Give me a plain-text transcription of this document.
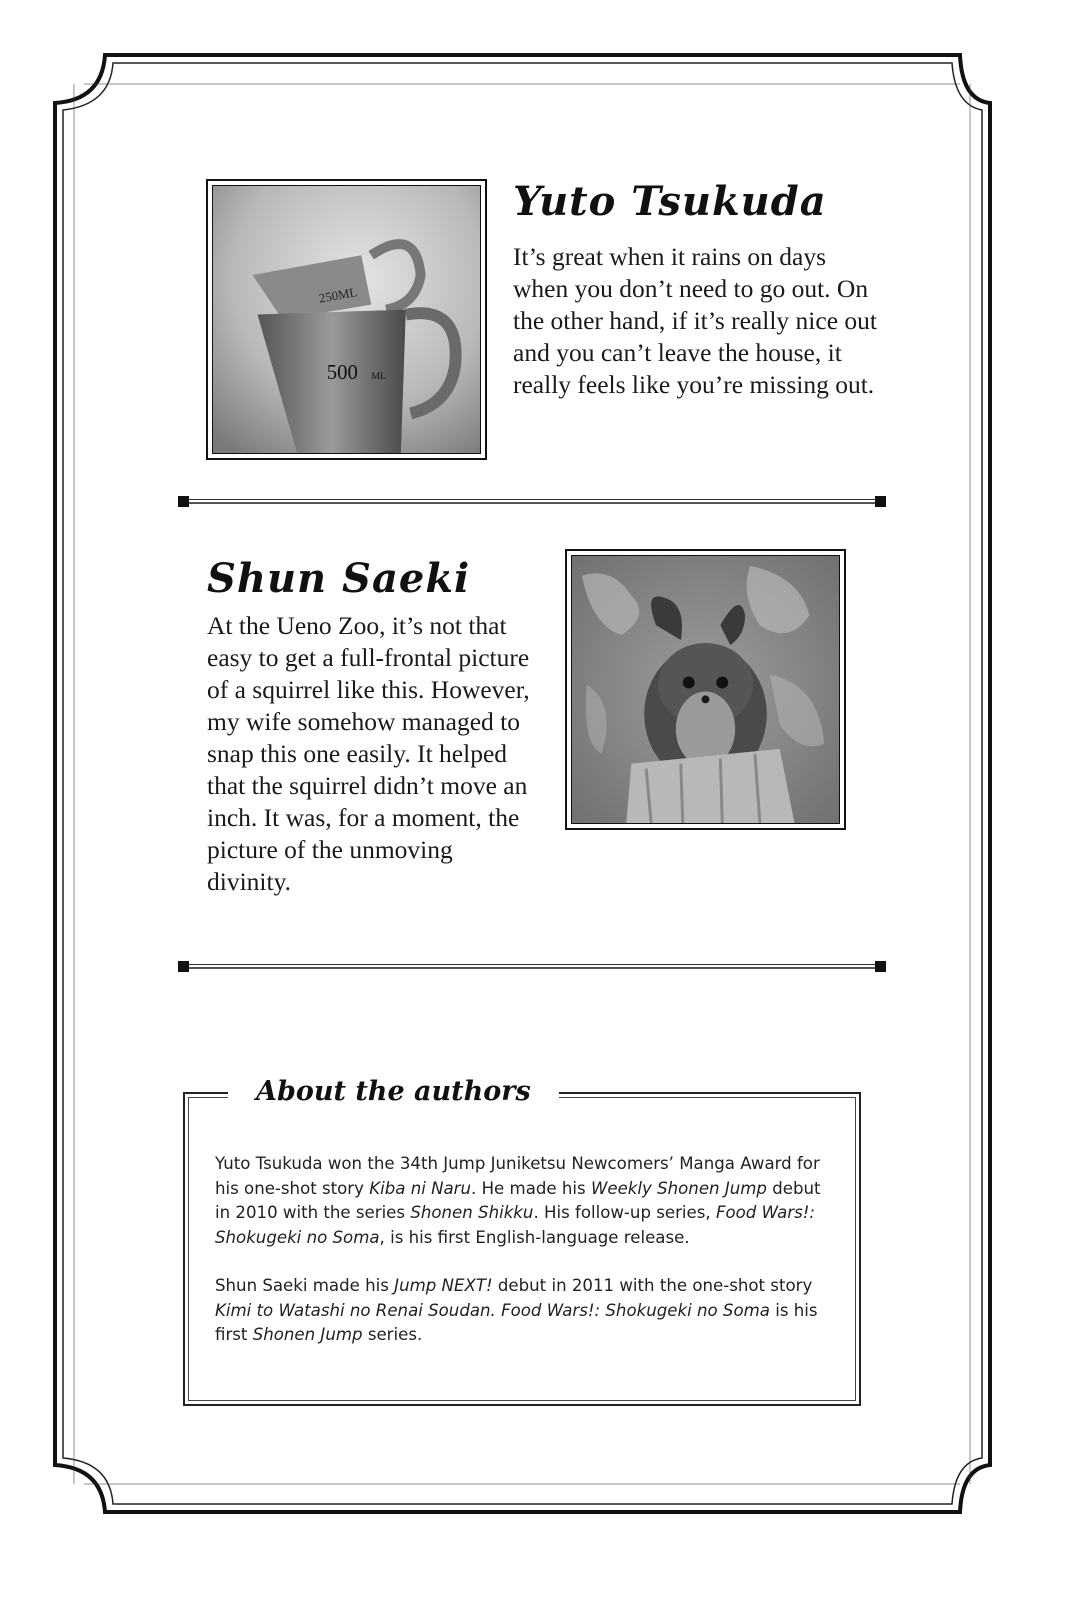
250ML
500 ML
Yuto Tsukuda

It’s great when it rains on days when you don’t need to go out. On the other hand, if it’s really nice out and you can’t leave the house, it really feels like you’re missing out.

Shun Saeki

At the Ueno Zoo, it’s not that easy to get a full-frontal picture of a squirrel like this. However, my wife somehow managed to snap this one easily. It helped that the squirrel didn’t move an inch. It was, for a moment, the picture of the unmoving divinity.

About the authors

Yuto Tsukuda won the 34th Jump Juniketsu Newcomers’ Manga Award for his one-shot story Kiba ni Naru. He made his Weekly Shonen Jump debut in 2010 with the series Shonen Shikku. His follow-up series, Food Wars!: Shokugeki no Soma, is his first English-language release.

Shun Saeki made his Jump NEXT! debut in 2011 with the one-shot story Kimi to Watashi no Renai Soudan. Food Wars!: Shokugeki no Soma is his first Shonen Jump series.
